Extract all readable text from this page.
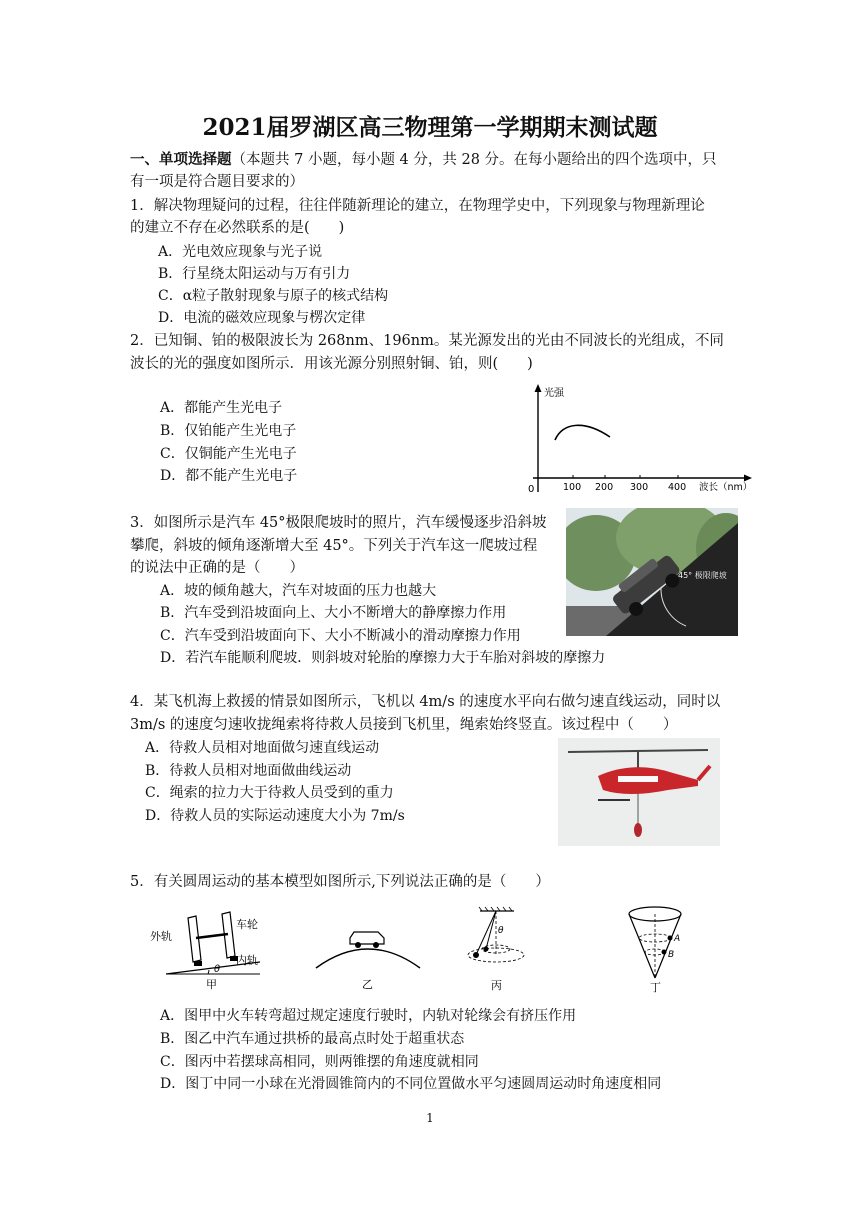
2021届罗湖区高三物理第一学期期末测试题
一、单项选择题（本题共 7 小题，每小题 4 分，共 28 分。在每小题给出的四个选项中，只
有一项是符合题目要求的）
1．解决物理疑问的过程，往往伴随新理论的建立，在物理学史中，下列现象与物理新理论
的建立不存在必然联系的是(　　)
A．光电效应现象与光子说
B．行星绕太阳运动与万有引力
C．α粒子散射现象与原子的核式结构
D．电流的磁效应现象与楞次定律
2．已知铜、铂的极限波长为 268nm、196nm。某光源发出的光由不同波长的光组成，不同
波长的光的强度如图所示．用该光源分别照射铜、铂，则(　　)
A．都能产生光电子
B．仅铂能产生光电子
C．仅铜能产生光电子
D．都不能产生光电子
光强
0	100 200 300 400 波长（nm）
3．如图所示是汽车 45°极限爬坡时的照片，汽车缓慢逐步沿斜坡
攀爬，斜坡的倾角逐渐增大至 45°。下列关于汽车这一爬坡过程
的说法中正确的是（　　）
A．坡的倾角越大，汽车对坡面的压力也越大
B．汽车受到沿坡面向上、大小不断增大的静摩擦力作用
C．汽车受到沿坡面向下、大小不断减小的滑动摩擦力作用
D．若汽车能顺利爬坡．则斜坡对轮胎的摩擦力大于车胎对斜坡的摩擦力
45° 极限爬坡
4．某飞机海上救援的情景如图所示，飞机以 4m/s 的速度水平向右做匀速直线运动，同时以
3m/s 的速度匀速收拢绳索将待救人员接到飞机里，绳索始终竖直。该过程中（　　）
A．待救人员相对地面做匀速直线运动
B．待救人员相对地面做曲线运动
C．绳索的拉力大于待救人员受到的重力
D．待救人员的实际运动速度大小为 7m/s
5．有关圆周运动的基本模型如图所示,下列说法正确的是（　　）
外轨
车轮
内轨
θ
甲	乙
θ
丙
A
B
丁
A．图甲中火车转弯超过规定速度行驶时，内轨对轮缘会有挤压作用
B．图乙中汽车通过拱桥的最高点时处于超重状态
C．图丙中若摆球高相同，则两锥摆的角速度就相同
D．图丁中同一小球在光滑圆锥筒内的不同位置做水平匀速圆周运动时角速度相同
1
